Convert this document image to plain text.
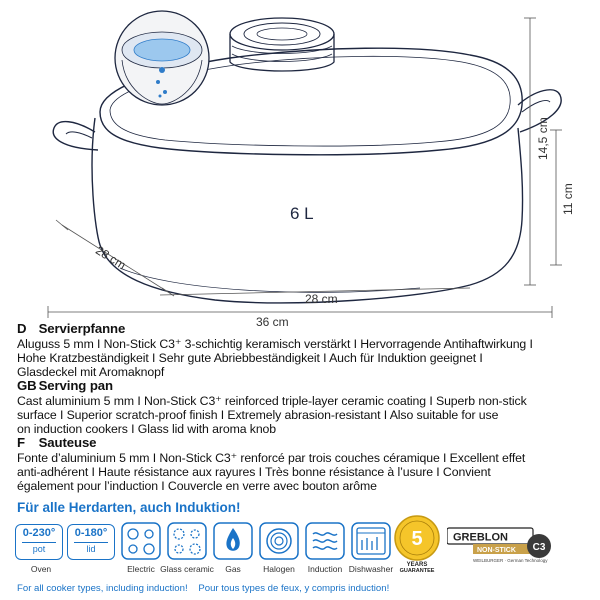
6 L
28 cm
28 cm
36 cm
14,5 cm
11 cm
D Servierpfanne
Aluguss 5 mm I Non-Stick C3⁺ 3-schichtig keramisch verstärkt I Hervorragende Antihaftwirkung I
Hohe Kratzbeständigkeit I Sehr gute Abriebbeständigkeit I Auch für Induktion geeignet I
Glasdeckel mit Aromaknopf
GB Serving pan
Cast aluminium 5 mm I Non-Stick C3⁺ reinforced triple-layer ceramic coating I Superb non-stick
surface I Superior scratch-proof finish I Extremely abrasion-resistant I Also suitable for use
on induction cookers I Glass lid with aroma knob
F Sauteuse
Fonte d’aluminium 5 mm I Non-Stick C3⁺ renforcé par trois couches céramique I Excellent effet
anti-adhérent I Haute résistance aux rayures I Très bonne résistance à l’usure I Convient
également pour l’induction I Couvercle en verre avec bouton arôme
Für alle Herdarten, auch Induktion!
0-230°
pot
Oven
0-180°
lid
Electric Glass ceramic	Gas	Halogen	Induction Dishwasher
5
YEARS
GUARANTEE
GREBLON
NON-STICK C3
WEILBURGER · German Technology
For all cooker types, including induction! Pour tous types de feux, y compris induction!
